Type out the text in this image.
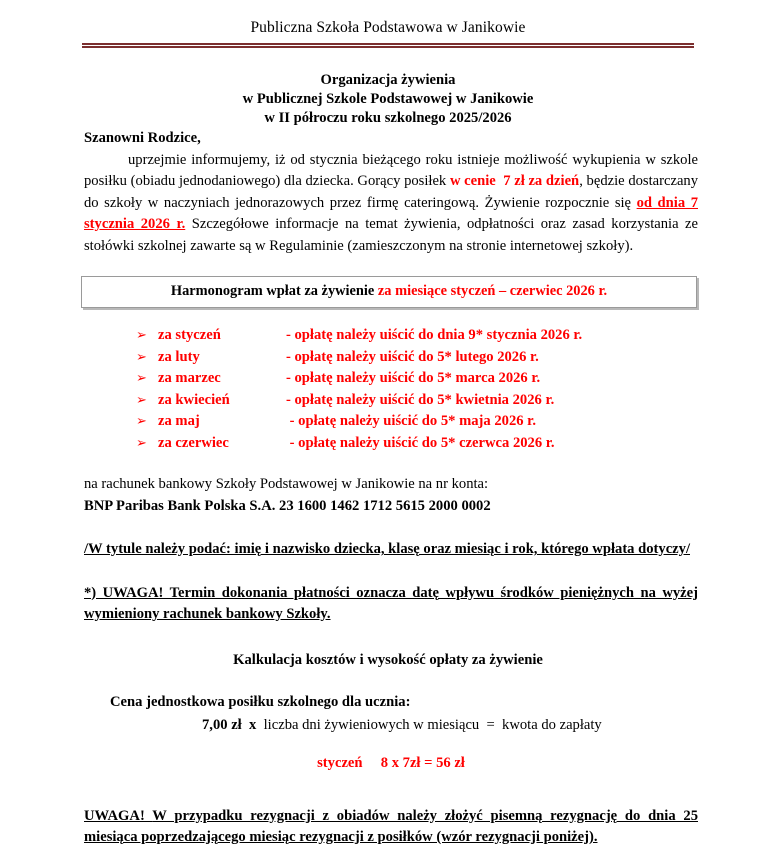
Publiczna Szkoła Podstawowa w Janikowie
Organizacja żywienia
w Publicznej Szkole Podstawowej w Janikowie
w II półroczu roku szkolnego 2025/2026
Szanowni Rodzice,
uprzejmie informujemy, iż od stycznia bieżącego roku istnieje możliwość wykupienia w szkole posiłku (obiadu jednodaniowego) dla dziecka. Gorący posiłek w cenie 7 zł za dzień, będzie dostarczany do szkoły w naczyniach jednorazowych przez firmę cateringową. Żywienie rozpocznie się od dnia 7 stycznia 2026 r. Szczegółowe informacje na temat żywienia, odpłatności oraz zasad korzystania ze stołówki szkolnej zawarte są w Regulaminie (zamieszczonym na stronie internetowej szkoły).
Harmonogram wpłat za żywienie za miesiące styczeń – czerwiec 2026 r.
➢ za styczeń	- opłatę należy uiścić do dnia 9* stycznia 2026 r.
➢ za luty	- opłatę należy uiścić do 5* lutego 2026 r.
➢ za marzec	- opłatę należy uiścić do 5* marca 2026 r.
➢ za kwiecień	- opłatę należy uiścić do 5* kwietnia 2026 r.
➢ za maj	- opłatę należy uiścić do 5* maja 2026 r.
➢ za czerwiec	- opłatę należy uiścić do 5* czerwca 2026 r.
na rachunek bankowy Szkoły Podstawowej w Janikowie na nr konta:
BNP Paribas Bank Polska S.A. 23 1600 1462 1712 5615 2000 0002
/W tytule należy podać: imię i nazwisko dziecka, klasę oraz miesiąc i rok, którego wpłata dotyczy/
*) UWAGA! Termin dokonania płatności oznacza datę wpływu środków pieniężnych na wyżej wymieniony rachunek bankowy Szkoły.
Kalkulacja kosztów i wysokość opłaty za żywienie
Cena jednostkowa posiłku szkolnego dla ucznia:
7,00 zł  x  liczba dni żywieniowych w miesiącu  =  kwota do zapłaty
styczeń     8 x 7zł = 56 zł
UWAGA! W przypadku rezygnacji z obiadów należy złożyć pisemną rezygnację do dnia 25 miesiąca poprzedzającego miesiąc rezygnacji z posiłków (wzór rezygnacji poniżej).
